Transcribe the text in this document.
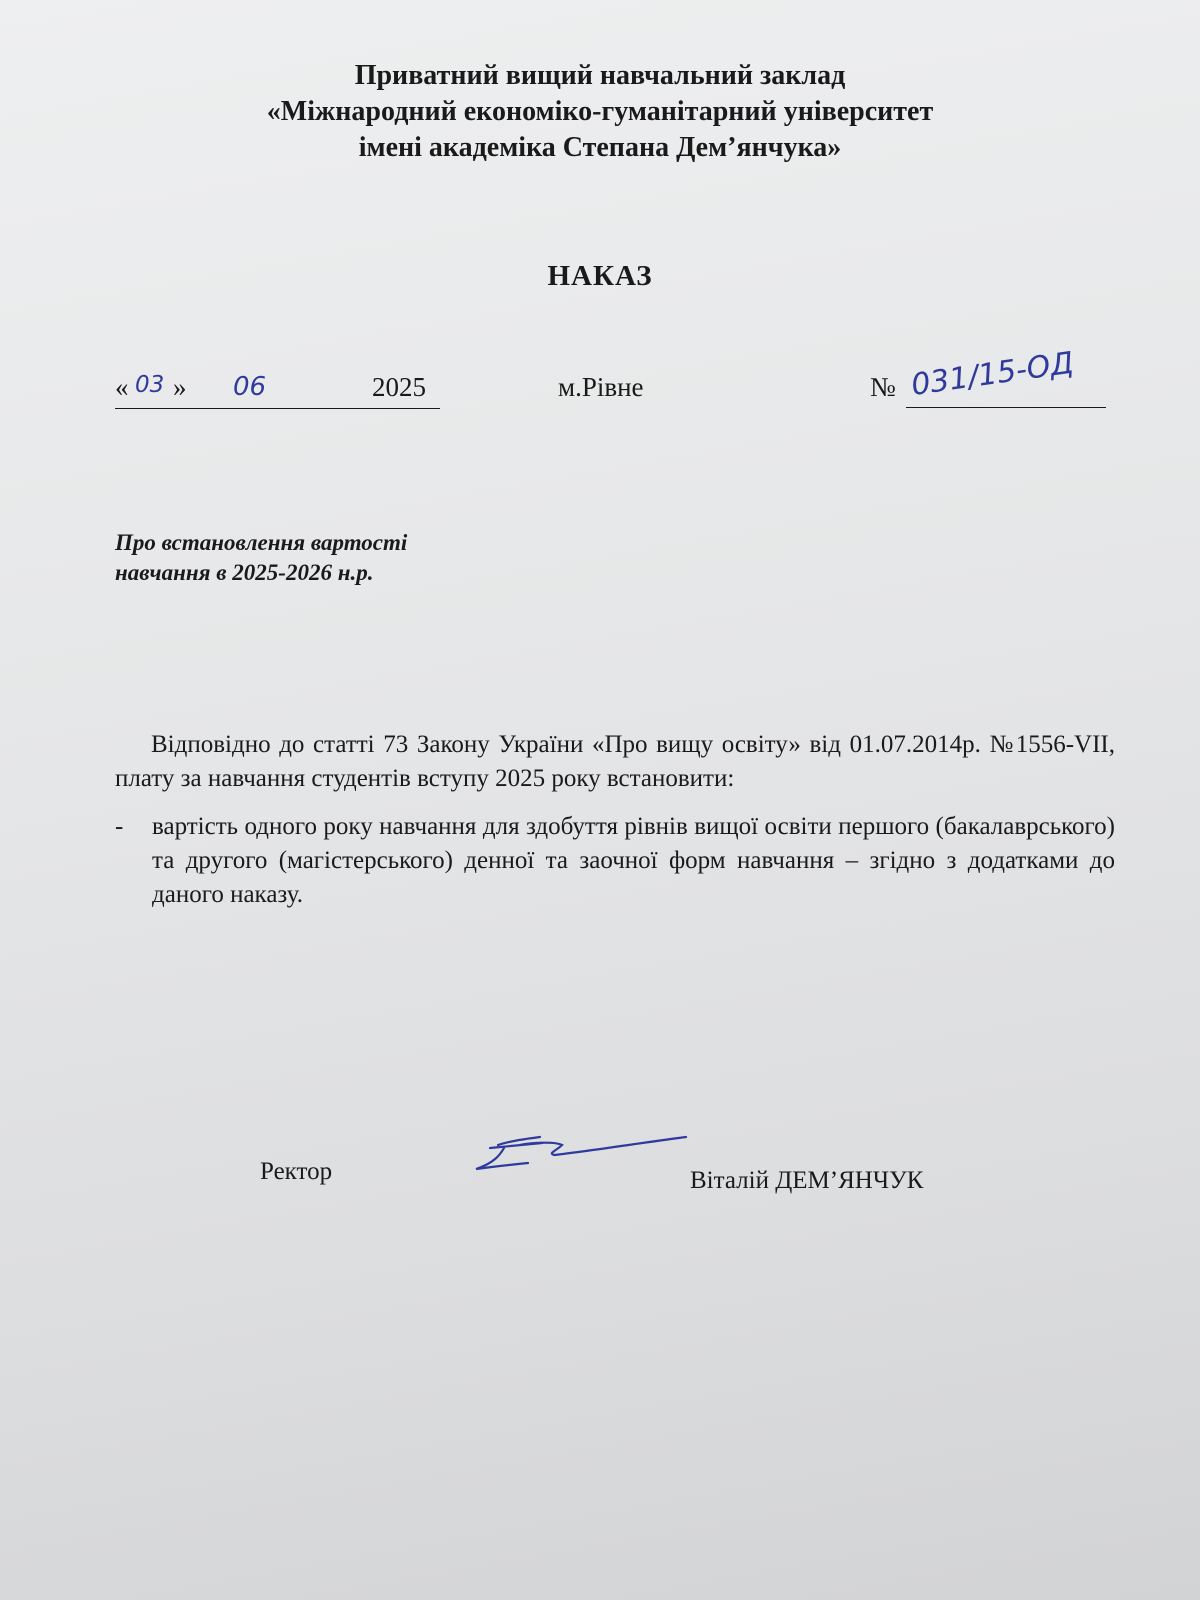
Приватний вищий навчальний заклад
«Міжнародний економіко-гуманітарний університет
імені академіка Степана Дем’янчука»
НАКАЗ
« 03 » 06	2025	м.Рівне	№ 031/15-ОД
Про встановлення вартості
навчання в 2025-2026 н.р.

Відповідно до статті 73 Закону України «Про вищу освіту» від 01.07.2014р. №1556-VII, плату за навчання студентів вступу 2025 року встановити:

- вартість одного року навчання для здобуття рівнів вищої освіти першого (бакалаврського) та другого (магістерського) денної та заочної форм навчання – згідно з додатками до даного наказу.
Ректор	Віталій ДЕМ’ЯНЧУК
